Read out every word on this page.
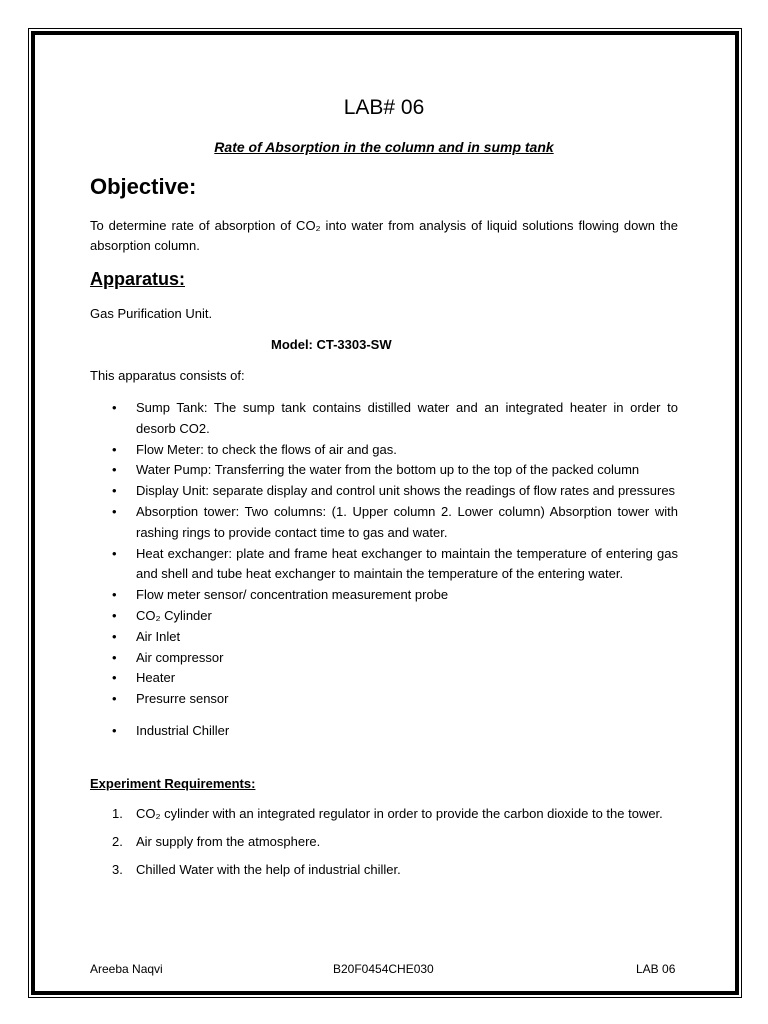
LAB# 06
Rate of Absorption in the column and in sump tank
Objective:
To determine rate of absorption of CO₂ into water from analysis of liquid solutions flowing down the absorption column.
Apparatus:
Gas Purification Unit.
Model: CT-3303-SW
This apparatus consists of:
• Sump Tank: The sump tank contains distilled water and an integrated heater in order to desorb CO2.
• Flow Meter: to check the flows of air and gas.
• Water Pump: Transferring the water from the bottom up to the top of the packed column
• Display Unit: separate display and control unit shows the readings of flow rates and pressures
• Absorption tower: Two columns: (1. Upper column 2. Lower column) Absorption tower with rashing rings to provide contact time to gas and water.
• Heat exchanger: plate and frame heat exchanger to maintain the temperature of entering gas and shell and tube heat exchanger to maintain the temperature of the entering water.
• Flow meter sensor/ concentration measurement probe
• CO₂ Cylinder
• Air Inlet
• Air compressor
• Heater
• Presurre sensor
• Industrial Chiller
Experiment Requirements:
1. CO₂ cylinder with an integrated regulator in order to provide the carbon dioxide to the tower.
2. Air supply from the atmosphere.
3. Chilled Water with the help of industrial chiller.
Areeba Naqvi	B20F0454CHE030	LAB 06
